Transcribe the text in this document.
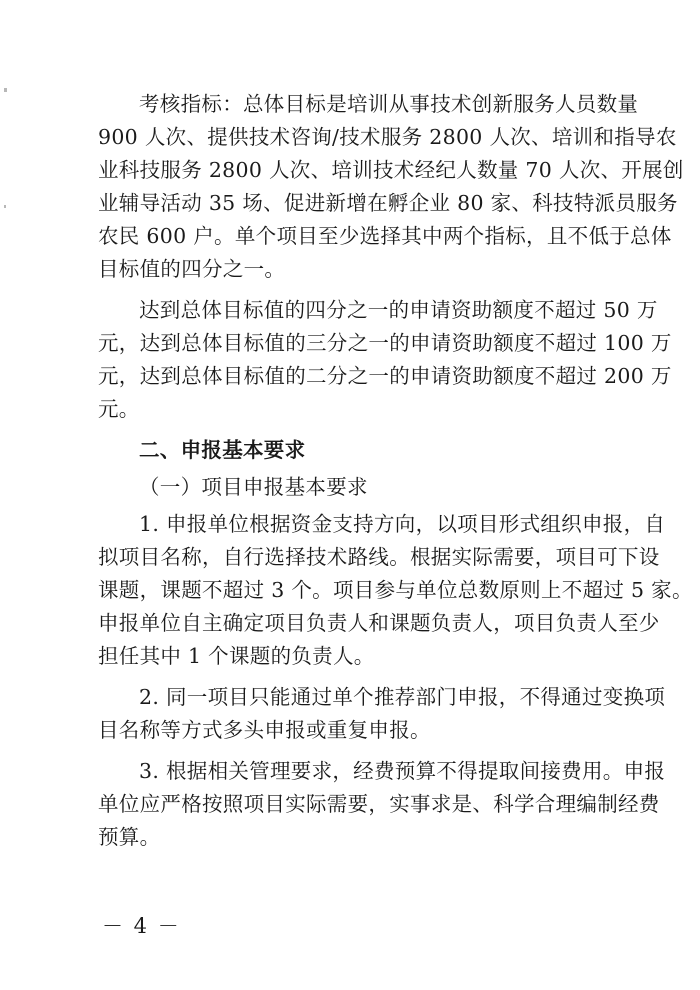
考核指标：总体目标是培训从事技术创新服务人员数量
900 人次、提供技术咨询/技术服务 2800 人次、培训和指导农
业科技服务 2800 人次、培训技术经纪人数量 70 人次、开展创
业辅导活动 35 场、促进新增在孵企业 80 家、科技特派员服务
农民 600 户。单个项目至少选择其中两个指标，且不低于总体
目标值的四分之一。

达到总体目标值的四分之一的申请资助额度不超过 50 万
元，达到总体目标值的三分之一的申请资助额度不超过 100 万
元，达到总体目标值的二分之一的申请资助额度不超过 200 万
元。

二、申报基本要求

（一）项目申报基本要求

1. 申报单位根据资金支持方向，以项目形式组织申报，自
拟项目名称，自行选择技术路线。根据实际需要，项目可下设
课题，课题不超过 3 个。项目参与单位总数原则上不超过 5 家。
申报单位自主确定项目负责人和课题负责人，项目负责人至少
担任其中 1 个课题的负责人。

2. 同一项目只能通过单个推荐部门申报，不得通过变换项
目名称等方式多头申报或重复申报。

3. 根据相关管理要求，经费预算不得提取间接费用。申报
单位应严格按照项目实际需要，实事求是、科学合理编制经费
预算。

－ 4 －
